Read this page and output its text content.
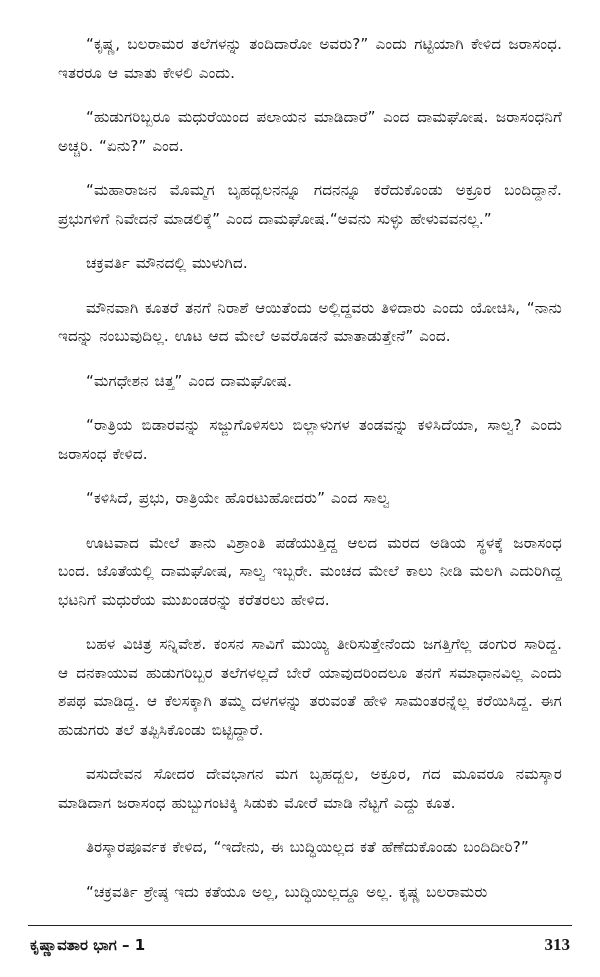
“ಕೃಷ್ಣ, ಬಲರಾಮರ ತಲೆಗಳನ್ನು ತಂದಿದಾರೋ ಅವರು?” ಎಂದು ಗಟ್ಟಿಯಾಗಿ ಕೇಳಿದ ಜರಾಸಂಧ. ಇತರರೂ ಆ ಮಾತು ಕೇಳಲಿ ಎಂದು.

“ಹುಡುಗರಿಬ್ಬರೂ ಮಧುರೆಯಿಂದ ಪಲಾಯನ ಮಾಡಿದಾರೆ” ಎಂದ ದಾಮಘೋಷ. ಜರಾಸಂಧನಿಗೆ ಅಚ್ಚರಿ. “ಏನು?” ಎಂದ.

“ಮಹಾರಾಜನ ಮೊಮ್ಮಗ ಬೃಹದ್ಬಲನನ್ನೂ ಗದನನ್ನೂ ಕರೆದುಕೊಂಡು ಅಕ್ರೂರ ಬಂದಿದ್ದಾನೆ. ಪ್ರಭುಗಳಿಗೆ ನಿವೇದನೆ ಮಾಡಲಿಕ್ಕೆ” ಎಂದ ದಾಮಘೋಷ.“ಅವನು ಸುಳ್ಳು ಹೇಳುವವನಲ್ಲ.”

ಚಕ್ರವರ್ತಿ ಮೌನದಲ್ಲಿ ಮುಳುಗಿದ.

ಮೌನವಾಗಿ ಕೂತರೆ ತನಗೆ ನಿರಾಶೆ ಆಯಿತೆಂದು ಅಲ್ಲಿದ್ದವರು ತಿಳಿದಾರು ಎಂದು ಯೋಚಿಸಿ, “ನಾನು ಇದನ್ನು ನಂಬುವುದಿಲ್ಲ. ಊಟ ಆದ ಮೇಲೆ ಅವರೊಡನೆ ಮಾತಾಡುತ್ತೇನೆ” ಎಂದ.

“ಮಗಧೇಶನ ಚಿತ್ತ” ಎಂದ ದಾಮಘೋಷ.

“ರಾತ್ರಿಯ ಬಿಡಾರವನ್ನು ಸಜ್ಜುಗೊಳಿಸಲು ಬಿಲ್ಲಾಳುಗಳ ತಂಡವನ್ನು ಕಳಿಸಿದೆಯಾ, ಸಾಲ್ವ? ಎಂದು ಜರಾಸಂಧ ಕೇಳಿದ.

“ಕಳಿಸಿದೆ, ಪ್ರಭು, ರಾತ್ರಿಯೇ ಹೊರಟುಹೋದರು” ಎಂದ ಸಾಲ್ವ

ಊಟವಾದ ಮೇಲೆ ತಾನು ವಿಶ್ರಾಂತಿ ಪಡೆಯುತ್ತಿದ್ದ ಆಲದ ಮರದ ಅಡಿಯ ಸ್ಥಳಕ್ಕೆ ಜರಾಸಂಧ ಬಂದ. ಜೊತೆಯಲ್ಲಿ ದಾಮಘೋಷ, ಸಾಲ್ವ ಇಬ್ಬರೇ. ಮಂಚದ ಮೇಲೆ ಕಾಲು ನೀಡಿ ಮಲಗಿ ಎದುರಿಗಿದ್ದ ಭಟನಿಗೆ ಮಧುರೆಯ ಮುಖಂಡರನ್ನು ಕರೆತರಲು ಹೇಳಿದ.

ಬಹಳ ವಿಚಿತ್ರ ಸನ್ನಿವೇಶ. ಕಂಸನ ಸಾವಿಗೆ ಮುಯ್ಯಿ ತೀರಿಸುತ್ತೇನೆಂದು ಜಗತ್ತಿಗೆಲ್ಲ ಡಂಗುರ ಸಾರಿದ್ದ. ಆ ದನಕಾಯುವ ಹುಡುಗರಿಬ್ಬರ ತಲೆಗಳಲ್ಲದೆ ಬೇರೆ ಯಾವುದರಿಂದಲೂ ತನಗೆ ಸಮಾಧಾನವಿಲ್ಲ ಎಂದು ಶಪಥ ಮಾಡಿದ್ದ. ಆ ಕೆಲಸಕ್ಕಾಗಿ ತಮ್ಮ ದಳಗಳನ್ನು ತರುವಂತೆ ಹೇಳಿ ಸಾಮಂತರನ್ನೆಲ್ಲ ಕರೆಯಿಸಿದ್ದ. ಈಗ ಹುಡುಗರು ತಲೆ ತಪ್ಪಿಸಿಕೊಂಡು ಬಿಟ್ಟಿದ್ದಾರೆ.

ವಸುದೇವನ ಸೋದರ ದೇವಭಾಗನ ಮಗ ಬೃಹದ್ಬಲ, ಅಕ್ರೂರ, ಗದ ಮೂವರೂ ನಮಸ್ಕಾರ ಮಾಡಿದಾಗ ಜರಾಸಂಧ ಹುಬ್ಬುಗಂಟಿಕ್ಕಿ ಸಿಡುಕು ಮೋರೆ ಮಾಡಿ ನೆಟ್ಟಗೆ ಎದ್ದು ಕೂತ.

ತಿರಸ್ಕಾರಪೂರ್ವಕ ಕೇಳಿದ, “ಇದೇನು, ಈ ಬುದ್ಧಿಯಿಲ್ಲದ ಕತೆ ಹೆಣೆದುಕೊಂಡು ಬಂದಿದೀರಿ?”

“ಚಕ್ರವರ್ತಿ ಶ್ರೇಷ್ಠ ಇದು ಕತೆಯೂ ಅಲ್ಲ, ಬುದ್ಧಿಯಿಲ್ಲದ್ದೂ ಅಲ್ಲ. ಕೃಷ್ಣ ಬಲರಾಮರು

ಕೃಷ್ಣಾವತಾರ ಭಾಗ – 1	313
